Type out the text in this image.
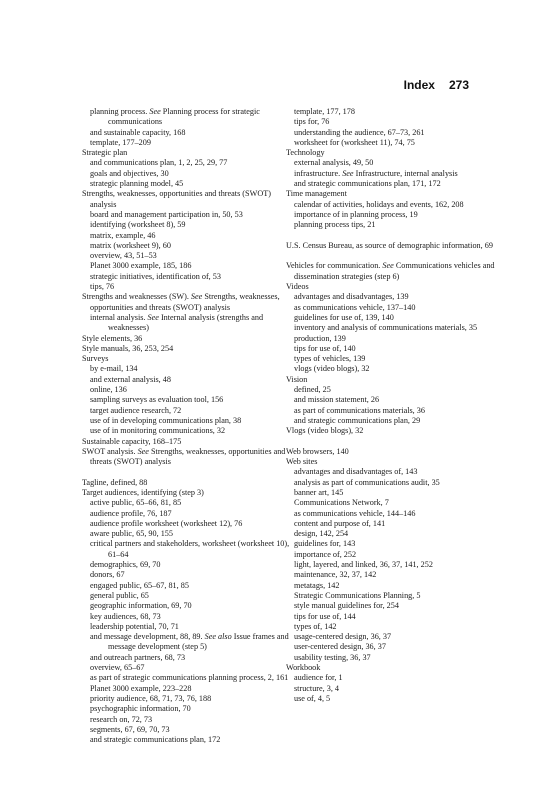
Index 273
planning process. See Planning process for strategic communications
and sustainable capacity, 168
template, 177–209
Strategic plan
and communications plan, 1, 2, 25, 29, 77
goals and objectives, 30
strategic planning model, 45
Strengths, weaknesses, opportunities and threats (SWOT) analysis
board and management participation in, 50, 53
identifying (worksheet 8), 59
matrix, example, 46
matrix (worksheet 9), 60
overview, 43, 51–53
Planet 3000 example, 185, 186
strategic initiatives, identification of, 53
tips, 76
Strengths and weaknesses (SW). See Strengths, weaknesses, opportunities and threats (SWOT) analysis
internal analysis. See Internal analysis (strengths and weaknesses)
Style elements, 36
Style manuals, 36, 253, 254
Surveys
by e-mail, 134
and external analysis, 48
online, 136
sampling surveys as evaluation tool, 156
target audience research, 72
use of in developing communications plan, 38
use of in monitoring communications, 32
Sustainable capacity, 168–175
SWOT analysis. See Strengths, weaknesses, opportunities and threats (SWOT) analysis
Tagline, defined, 88
Target audiences, identifying (step 3)
active public, 65–66, 81, 85
audience profile, 76, 187
audience profile worksheet (worksheet 12), 76
aware public, 65, 90, 155
critical partners and stakeholders, worksheet (worksheet 10), 61–64
demographics, 69, 70
donors, 67
engaged public, 65–67, 81, 85
general public, 65
geographic information, 69, 70
key audiences, 68, 73
leadership potential, 70, 71
and message development, 88, 89. See also Issue frames and message development (step 5)
and outreach partners, 68, 73
overview, 65–67
as part of strategic communications planning process, 2, 161
Planet 3000 example, 223–228
priority audience, 68, 71, 73, 76, 188
psychographic information, 70
research on, 72, 73
segments, 67, 69, 70, 73
and strategic communications plan, 172
template, 177, 178
tips for, 76
understanding the audience, 67–73, 261
worksheet for (worksheet 11), 74, 75
Technology
external analysis, 49, 50
infrastructure. See Infrastructure, internal analysis
and strategic communications plan, 171, 172
Time management
calendar of activities, holidays and events, 162, 208
importance of in planning process, 19
planning process tips, 21
U.S. Census Bureau, as source of demographic information, 69
Vehicles for communication. See Communications vehicles and dissemination strategies (step 6)
Videos
advantages and disadvantages, 139
as communications vehicle, 137–140
guidelines for use of, 139, 140
inventory and analysis of communications materials, 35
production, 139
tips for use of, 140
types of vehicles, 139
vlogs (video blogs), 32
Vision
defined, 25
and mission statement, 26
as part of communications materials, 36
and strategic communications plan, 29
Vlogs (video blogs), 32
Web browsers, 140
Web sites
advantages and disadvantages of, 143
analysis as part of communications audit, 35
banner art, 145
Communications Network, 7
as communications vehicle, 144–146
content and purpose of, 141
design, 142, 254
guidelines for, 143
importance of, 252
light, layered, and linked, 36, 37, 141, 252
maintenance, 32, 37, 142
metatags, 142
Strategic Communications Planning, 5
style manual guidelines for, 254
tips for use of, 144
types of, 142
usage-centered design, 36, 37
user-centered design, 36, 37
usability testing, 36, 37
Workbook
audience for, 1
structure, 3, 4
use of, 4, 5
